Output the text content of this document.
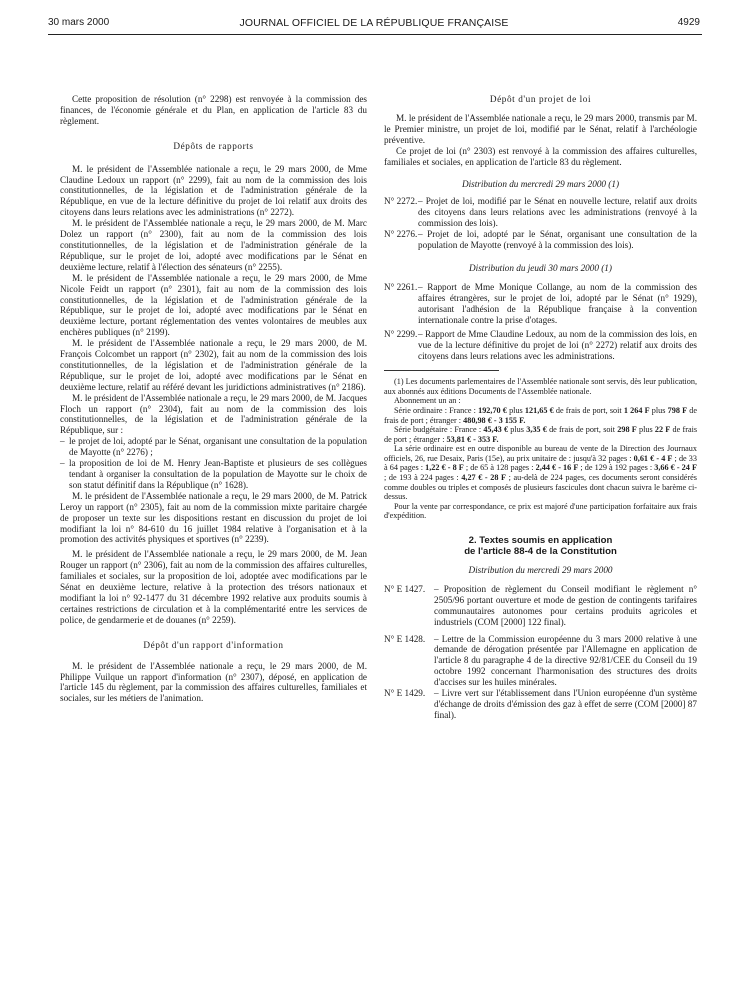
30 mars 2000	JOURNAL OFFICIEL DE LA RÉPUBLIQUE FRANÇAISE	4929

Cette proposition de résolution (n° 2298) est renvoyée à la commission des finances, de l'économie générale et du Plan, en application de l'article 83 du règlement.

Dépôts de rapports

M. le président de l'Assemblée nationale a reçu, le 29 mars 2000, de Mme Claudine Ledoux un rapport (n° 2299), fait au nom de la commission des lois constitutionnelles, de la législation et de l'administration générale de la République, en vue de la lecture définitive du projet de loi relatif aux droits des citoyens dans leurs relations avec les administrations (n° 2272).

M. le président de l'Assemblée nationale a reçu, le 29 mars 2000, de M. Marc Dolez un rapport (n° 2300), fait au nom de la commission des lois constitutionnelles, de la législation et de l'administration générale de la République, sur le projet de loi, adopté avec modifications par le Sénat en deuxième lecture, relatif à l'élection des sénateurs (n° 2255).

M. le président de l'Assemblée nationale a reçu, le 29 mars 2000, de Mme Nicole Feidt un rapport (n° 2301), fait au nom de la commission des lois constitutionnelles, de la législation et de l'administration générale de la République, sur le projet de loi, adopté avec modifications par le Sénat en deuxième lecture, portant réglementation des ventes volontaires de meubles aux enchères publiques (n° 2199).

M. le président de l'Assemblée nationale a reçu, le 29 mars 2000, de M. François Colcombet un rapport (n° 2302), fait au nom de la commission des lois constitutionnelles, de la législation et de l'administration générale de la République, sur le projet de loi, adopté avec modifications par le Sénat en deuxième lecture, relatif au référé devant les juridictions administratives (n° 2186).

M. le président de l'Assemblée nationale a reçu, le 29 mars 2000, de M. Jacques Floch un rapport (n° 2304), fait au nom de la commission des lois constitutionnelles, de la législation et de l'administration générale de la République, sur :

– le projet de loi, adopté par le Sénat, organisant une consultation de la population de Mayotte (n° 2276) ;
– la proposition de loi de M. Henry Jean-Baptiste et plusieurs de ses collègues tendant à organiser la consultation de la population de Mayotte sur le choix de son statut définitif dans la République (n° 1628).

M. le président de l'Assemblée nationale a reçu, le 29 mars 2000, de M. Patrick Leroy un rapport (n° 2305), fait au nom de la commission mixte paritaire chargée de proposer un texte sur les dispositions restant en discussion du projet de loi modifiant la loi n° 84-610 du 16 juillet 1984 relative à l'organisation et à la promotion des activités physiques et sportives (n° 2239).

M. le président de l'Assemblée nationale a reçu, le 29 mars 2000, de M. Jean Rouger un rapport (n° 2306), fait au nom de la commission des affaires culturelles, familiales et sociales, sur la proposition de loi, adoptée avec modifications par le Sénat en deuxième lecture, relative à la protection des trésors nationaux et modifiant la loi n° 92-1477 du 31 décembre 1992 relative aux produits soumis à certaines restrictions de circulation et à la complémentarité entre les services de police, de gendarmerie et de douanes (n° 2259).

Dépôt d'un rapport d'information

M. le président de l'Assemblée nationale a reçu, le 29 mars 2000, de M. Philippe Vuilque un rapport d'information (n° 2307), déposé, en application de l'article 145 du règlement, par la commission des affaires culturelles, familiales et sociales, sur les métiers de l'animation.

Dépôt d'un projet de loi

M. le président de l'Assemblée nationale a reçu, le 29 mars 2000, transmis par M. le Premier ministre, un projet de loi, modifié par le Sénat, relatif à l'archéologie préventive.

Ce projet de loi (n° 2303) est renvoyé à la commission des affaires culturelles, familiales et sociales, en application de l'article 83 du règlement.

Distribution du mercredi 29 mars 2000 (1)
N° 2272. – Projet de loi, modifié par le Sénat en nouvelle lecture, relatif aux droits des citoyens dans leurs relations avec les administrations (renvoyé à la commission des lois).
N° 2276. – Projet de loi, adopté par le Sénat, organisant une consultation de la population de Mayotte (renvoyé à la commission des lois).
Distribution du jeudi 30 mars 2000 (1)
N° 2261. – Rapport de Mme Monique Collange, au nom de la commission des affaires étrangères, sur le projet de loi, adopté par le Sénat (n° 1929), autorisant l'adhésion de la République française à la convention internationale contre la prise d'otages.
N° 2299. – Rapport de Mme Claudine Ledoux, au nom de la commission des lois, en vue de la lecture définitive du projet de loi (n° 2272) relatif aux droits des citoyens dans leurs relations avec les administrations.

(1) Les documents parlementaires de l'Assemblée nationale sont servis, dès leur publication, aux abonnés aux éditions Documents de l'Assemblée nationale.

Abonnement un an :

Série ordinaire : France : 192,70 € plus 121,65 € de frais de port, soit 1 264 F plus 798 F de frais de port ; étranger : 480,98 € - 3 155 F.

Série budgétaire : France : 45,43 € plus 3,35 € de frais de port, soit 298 F plus 22 F de frais de port ; étranger : 53,81 € - 353 F.

La série ordinaire est en outre disponible au bureau de vente de la Direction des Journaux officiels, 26, rue Desaix, Paris (15e), au prix unitaire de : jusqu'à 32 pages : 0,61 € - 4 F ; de 33 à 64 pages : 1,22 € - 8 F ; de 65 à 128 pages : 2,44 € - 16 F ; de 129 à 192 pages : 3,66 € - 24 F ; de 193 à 224 pages : 4,27 € - 28 F ; au-delà de 224 pages, ces documents seront considérés comme doubles ou triples et composés de plusieurs fascicules dont chacun suivra le barème ci-dessus.

Pour la vente par correspondance, ce prix est majoré d'une participation forfaitaire aux frais d'expédition.

2. Textes soumis en application
de l'article 88-4 de la Constitution
Distribution du mercredi 29 mars 2000
N° E 1427. – Proposition de règlement du Conseil modifiant le règlement n° 2505/96 portant ouverture et mode de gestion de contingents tarifaires communautaires autonomes pour certains produits agricoles et industriels (COM [2000] 122 final).
N° E 1428. – Lettre de la Commission européenne du 3 mars 2000 relative à une demande de dérogation présentée par l'Allemagne en application de l'article 8 du paragraphe 4 de la directive 92/81/CEE du Conseil du 19 octobre 1992 concernant l'harmonisation des structures des droits d'accises sur les huiles minérales.
N° E 1429. – Livre vert sur l'établissement dans l'Union européenne d'un système d'échange de droits d'émission des gaz à effet de serre (COM [2000] 87 final).
